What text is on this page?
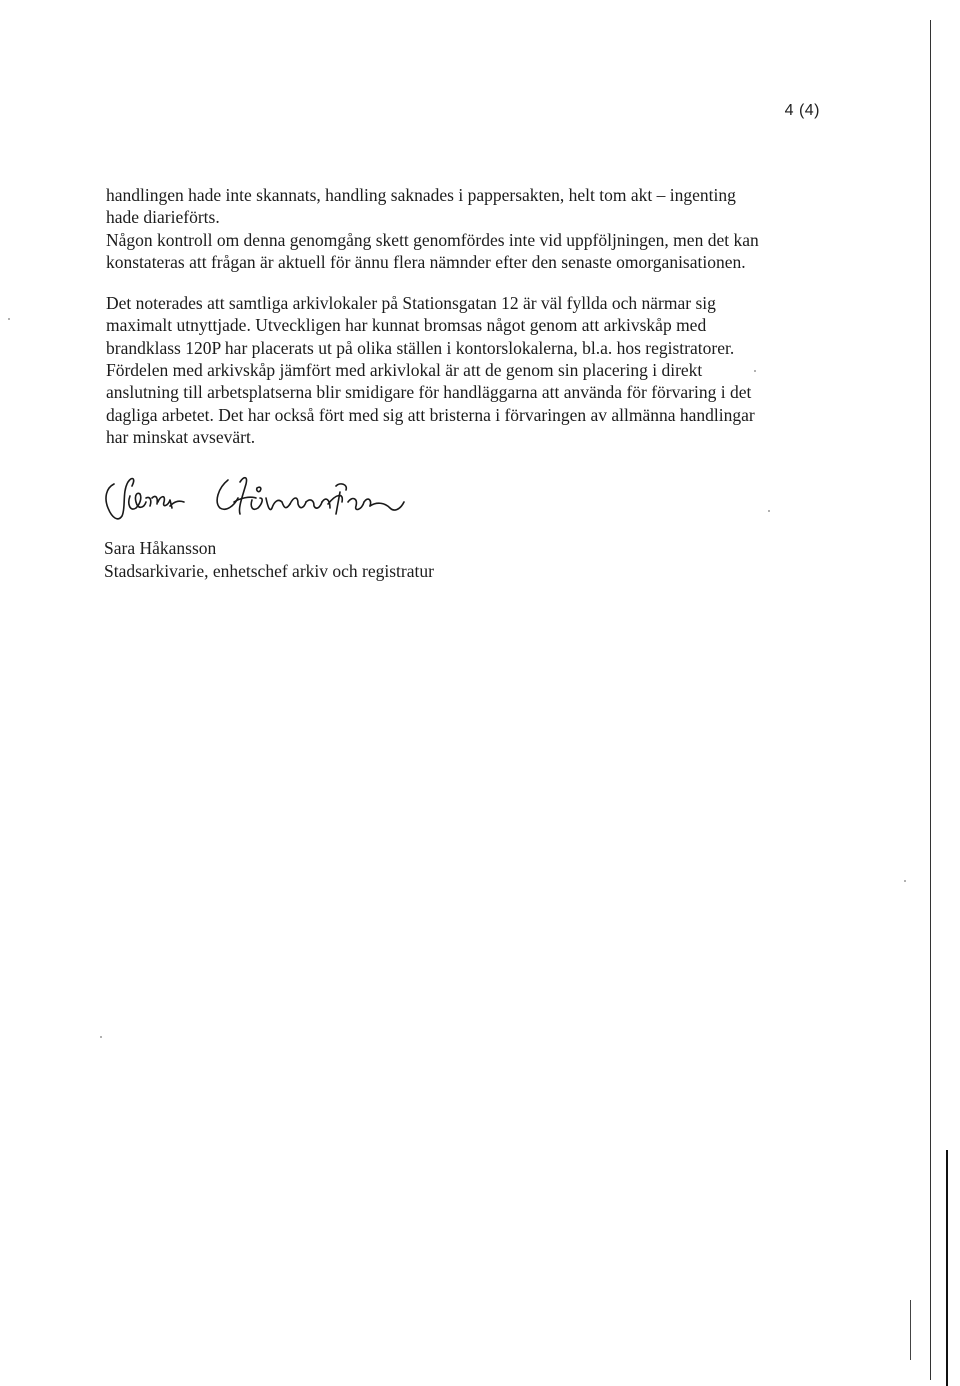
4 (4)

handlingen hade inte skannats, handling saknades i pappersakten, helt tom akt – ingenting
hade diarieförts.
Någon kontroll om denna genomgång skett genomfördes inte vid uppföljningen, men det kan
konstateras att frågan är aktuell för ännu flera nämnder efter den senaste omorganisationen.

Det noterades att samtliga arkivlokaler på Stationsgatan 12 är väl fyllda och närmar sig
maximalt utnyttjade. Utveckligen har kunnat bromsas något genom att arkivskåp med
brandklass 120P har placerats ut på olika ställen i kontorslokalerna, bl.a. hos registratorer.
Fördelen med arkivskåp jämfört med arkivlokal är att de genom sin placering i direkt
anslutning till arbetsplatserna blir smidigare för handläggarna att använda för förvaring i det
dagliga arbetet. Det har också fört med sig att bristerna i förvaringen av allmänna handlingar
har minskat avsevärt.

Sara Håkansson
Stadsarkivarie, enhetschef arkiv och registratur
